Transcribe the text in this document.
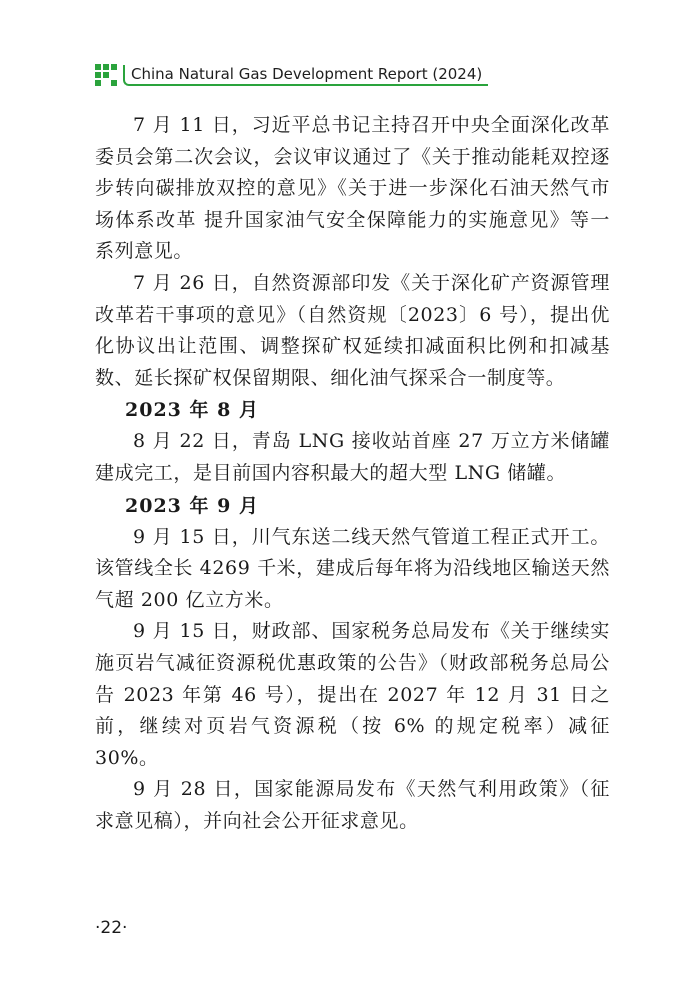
China Natural Gas Development Report (2024)

7 月 11 日，习近平总书记主持召开中央全面深化改革委员会第二次会议，会议审议通过了《关于推动能耗双控逐步转向碳排放双控的意见》《关于进一步深化石油天然气市场体系改革 提升国家油气安全保障能力的实施意见》等一系列意见。

7 月 26 日，自然资源部印发《关于深化矿产资源管理改革若干事项的意见》（自然资规〔2023〕6 号），提出优化协议出让范围、调整探矿权延续扣减面积比例和扣减基数、延长探矿权保留期限、细化油气探采合一制度等。

2023 年 8 月

8 月 22 日，青岛 LNG 接收站首座 27 万立方米储罐建成完工，是目前国内容积最大的超大型 LNG 储罐。

2023 年 9 月

9 月 15 日，川气东送二线天然气管道工程正式开工。该管线全长 4269 千米，建成后每年将为沿线地区输送天然气超 200 亿立方米。

9 月 15 日，财政部、国家税务总局发布《关于继续实施页岩气减征资源税优惠政策的公告》（财政部税务总局公告 2023 年第 46 号），提出在 2027 年 12 月 31 日之前，继续对页岩气资源税（按 6% 的规定税率）减征 30%。

9 月 28 日，国家能源局发布《天然气利用政策》（征求意见稿），并向社会公开征求意见。

·22·
